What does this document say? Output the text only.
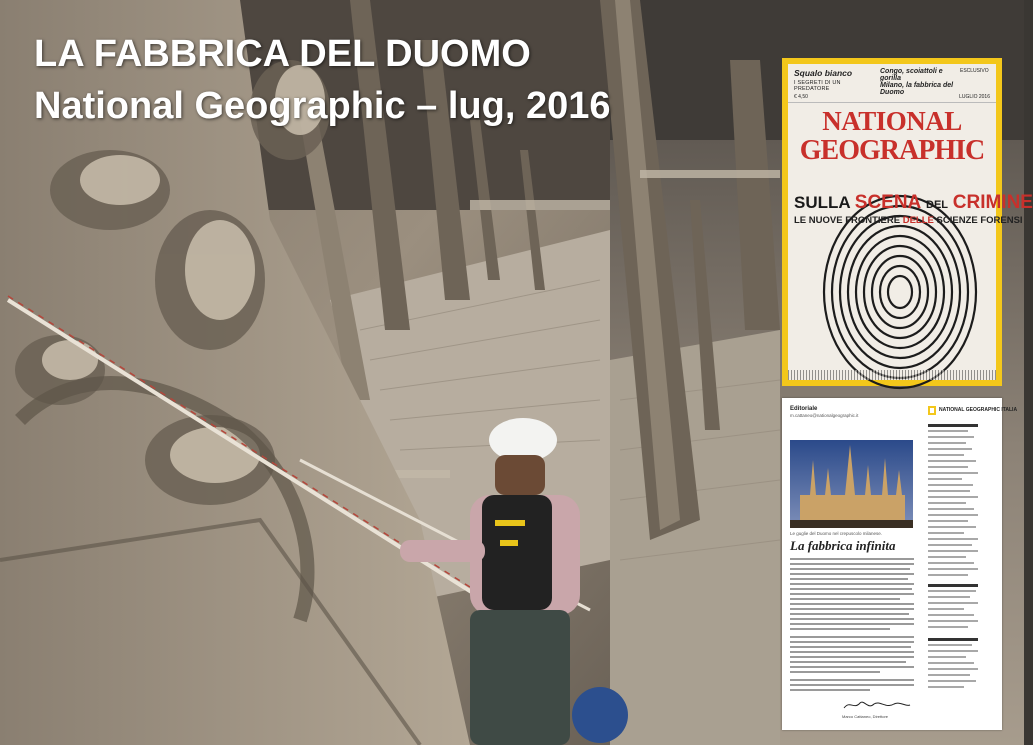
LA FABBRICA DEL DUOMO
National Geographic – lug, 2016
Squalo bianco
I SEGRETI DI UN PREDATORE
Congo, scoiattoli e gorilla
Milano, la fabbrica del Duomo
ESCLUSIVO
€ 4,50	LUGLIO 2016
NATIONAL
GEOGRAPHIC
SULLA SCENA DEL CRIMINE
LE NUOVE FRONTIERE DELLE SCIENZE FORENSI
Editoriale
m.cattaneo@nationalgeographic.it
NATIONAL GEOGRAPHIC ITALIA
Le guglie del Duomo nel crepuscolo milanese.
La fabbrica infinita
Marco Cattaneo, Direttore
